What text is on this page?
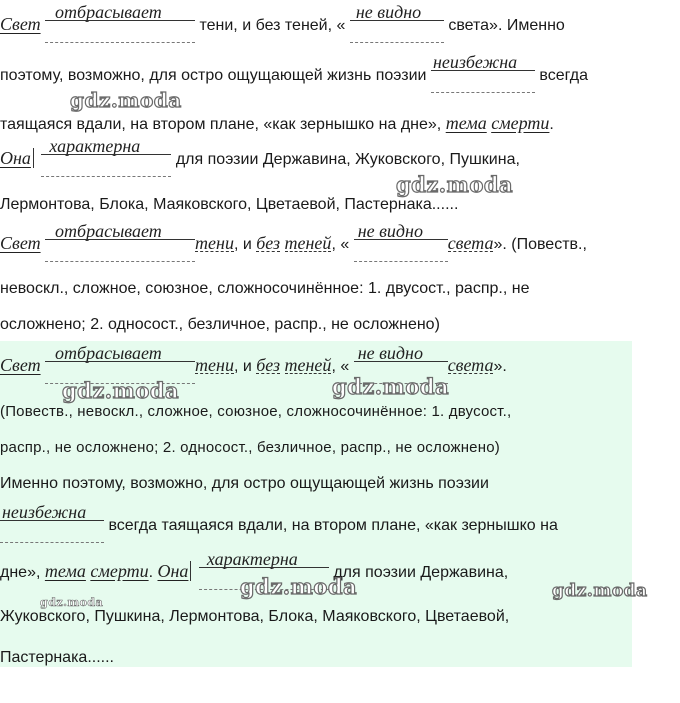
Свет
отбрасывает
тени, и без теней, «
не видно
света». Именно
поэтому, возможно, для остро ощущающей жизнь поэзии
неизбежна
всегда
таящаяся вдали, на втором плане, «как зернышко на дне», тема смерти.
Она
характерна
для поэзии Державина, Жуковского, Пушкина,
Лермонтова, Блока, Маяковского, Цветаевой, Пастернака......
Свет
отбрасывает
тени, и без теней, «
не видно
света». (Повеств.,
невоскл., сложное, союзное, сложносочинённое: 1. двусост., распр., не
осложнено; 2. односост., безличное, распр., не осложнено)
Свет
отбрасывает
тени, и без теней, «
не видно
света».
(Повеств., невоскл., сложное, союзное, сложносочинённое: 1. двусост.,
распр., не осложнено; 2. односост., безличное, распр., не осложнено)
Именно поэтому, возможно, для остро ощущающей жизнь поэзии
неизбежна
всегда таящаяся вдали, на втором плане, «как зернышко на
дне», тема смерти. Она
характерна
для поэзии Державина,
Жуковского, Пушкина, Лермонтова, Блока, Маяковского, Цветаевой,
Пастернака......
gdz.moda
gdz.moda
gdz.moda	gdz.moda
gdz.moda	gdz.moda
gdz.moda
